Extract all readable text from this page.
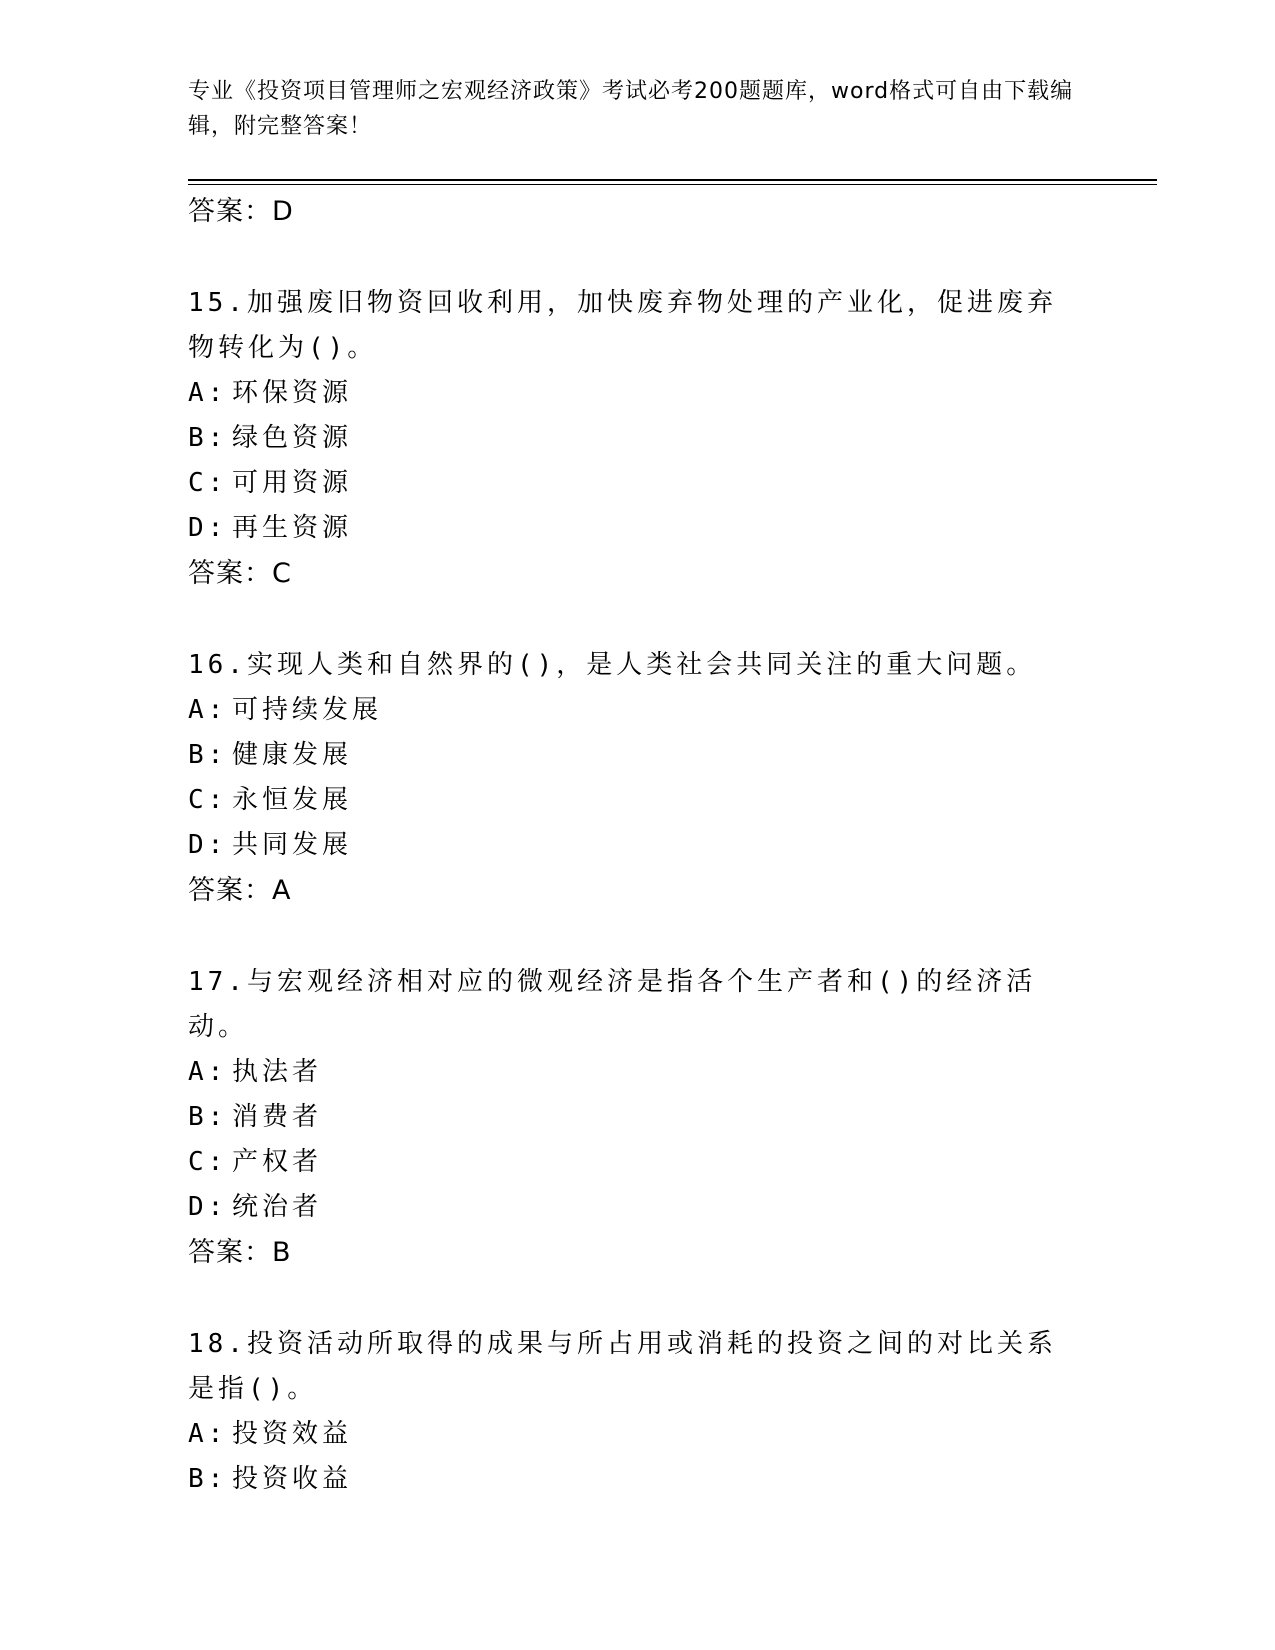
专业《投资项目管理师之宏观经济政策》考试必考200题题库，word格式可自由下载编辑，附完整答案！
答案：D
15.加强废旧物资回收利用，加快废弃物处理的产业化，促进废弃物转化为()。
A: 环保资源
B: 绿色资源
C: 可用资源
D: 再生资源
答案：C
16.实现人类和自然界的()，是人类社会共同关注的重大问题。
A: 可持续发展
B: 健康发展
C: 永恒发展
D: 共同发展
答案：A
17.与宏观经济相对应的微观经济是指各个生产者和()的经济活动。
A: 执法者
B: 消费者
C: 产权者
D: 统治者
答案：B
18.投资活动所取得的成果与所占用或消耗的投资之间的对比关系是指()。
A: 投资效益
B: 投资收益
